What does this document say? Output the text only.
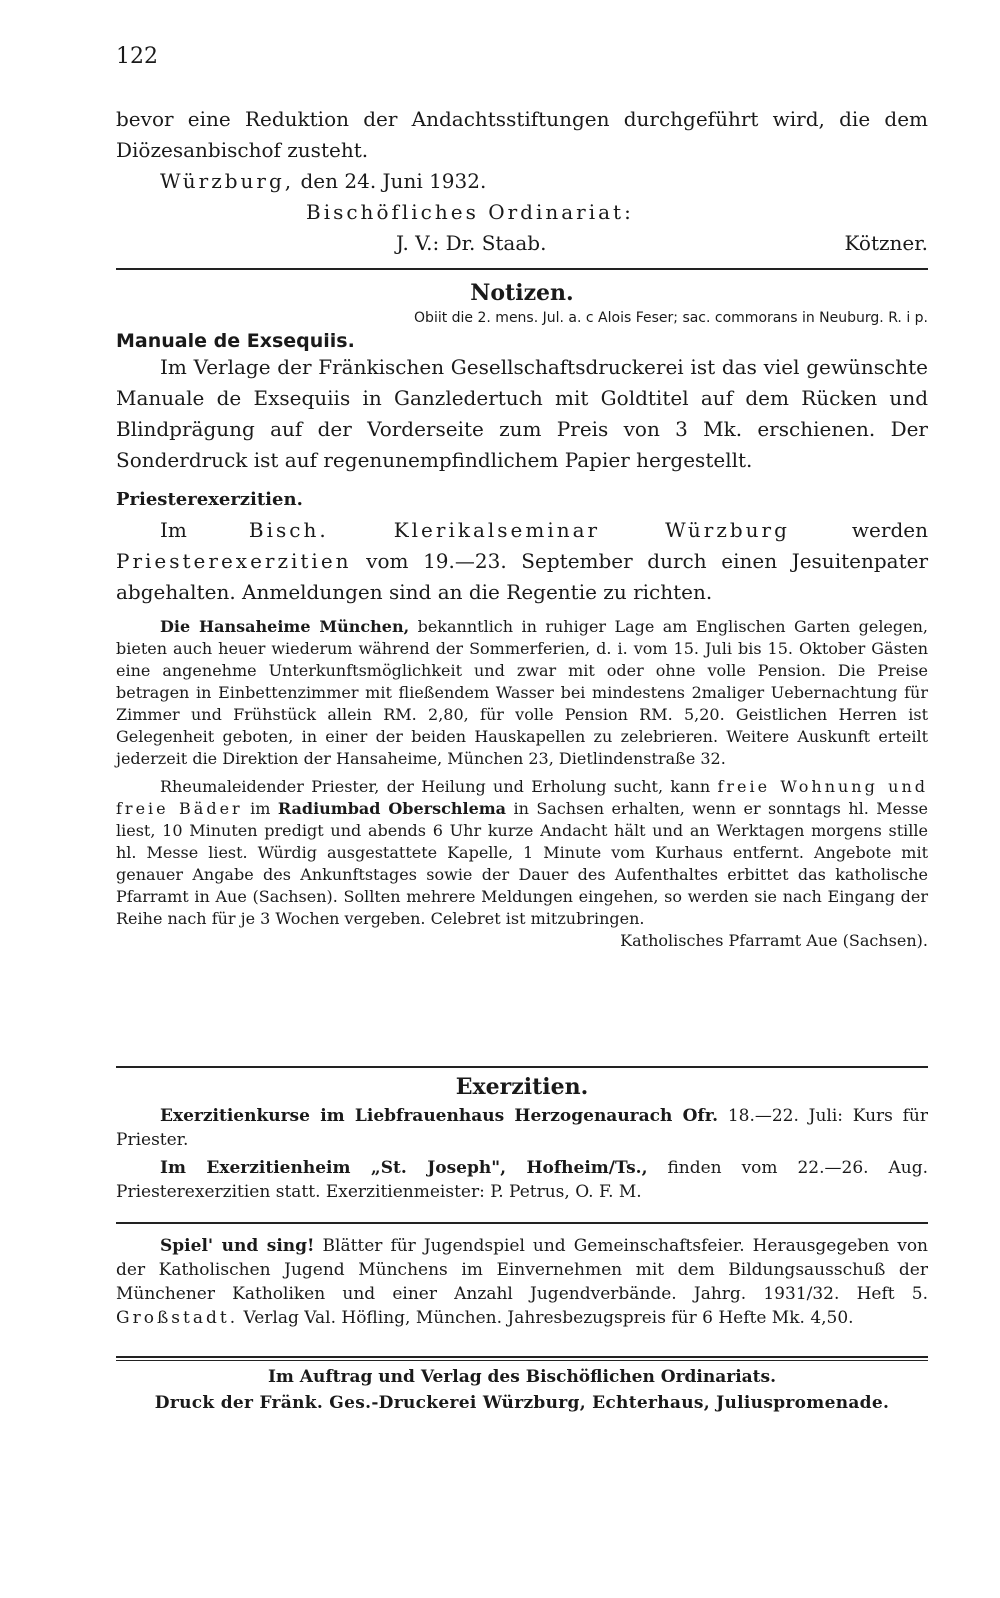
122

bevor eine Reduktion der Andachtsstiftungen durchgeführt wird, die dem Diözesanbischof zusteht.

Würzburg, den 24. Juni 1932.

Bischöfliches Ordinariat:

J. V.: Dr. Staab.	Kötzner.

Notizen.

Obiit die 2. mens. Jul. a. c Alois Feser; sac. commorans in Neuburg. R. i p.

Manuale de Exsequiis.

Im Verlage der Fränkischen Gesellschaftsdruckerei ist das viel gewünschte Manuale de Exsequiis in Ganzledertuch mit Goldtitel auf dem Rücken und Blindprägung auf der Vorderseite zum Preis von 3 Mk. erschienen. Der Sonderdruck ist auf regenunempfindlichem Papier hergestellt.

Priesterexerzitien.

Im Bisch. Klerikalseminar Würzburg werden Priesterexerzitien vom 19.—23. September durch einen Jesuitenpater abgehalten. Anmeldungen sind an die Regentie zu richten.

Die Hansaheime München, bekanntlich in ruhiger Lage am Englischen Garten gelegen, bieten auch heuer wiederum während der Sommerferien, d. i. vom 15. Juli bis 15. Oktober Gästen eine angenehme Unterkunftsmöglichkeit und zwar mit oder ohne volle Pension. Die Preise betragen in Einbettenzimmer mit fließendem Wasser bei mindestens 2maliger Uebernachtung für Zimmer und Frühstück allein RM. 2,80, für volle Pension RM. 5,20. Geistlichen Herren ist Gelegenheit geboten, in einer der beiden Hauskapellen zu zelebrieren. Weitere Auskunft erteilt jederzeit die Direktion der Hansaheime, München 23, Dietlindenstraße 32.

Rheumaleidender Priester, der Heilung und Erholung sucht, kann freie Wohnung und freie Bäder im Radiumbad Oberschlema in Sachsen erhalten, wenn er sonntags hl. Messe liest, 10 Minuten predigt und abends 6 Uhr kurze Andacht hält und an Werktagen morgens stille hl. Messe liest. Würdig ausgestattete Kapelle, 1 Minute vom Kurhaus entfernt. Angebote mit genauer Angabe des Ankunftstages sowie der Dauer des Aufenthaltes erbittet das katholische Pfarramt in Aue (Sachsen). Sollten mehrere Meldungen eingehen, so werden sie nach Eingang der Reihe nach für je 3 Wochen vergeben. Celebret ist mitzubringen.

Katholisches Pfarramt Aue (Sachsen).

Exerzitien.

Exerzitienkurse im Liebfrauenhaus Herzogenaurach Ofr. 18.—22. Juli: Kurs für Priester.

Im Exerzitienheim „St. Joseph", Hofheim/Ts., finden vom 22.—26. Aug. Priesterexerzitien statt. Exerzitienmeister: P. Petrus, O. F. M.

Spiel' und sing! Blätter für Jugendspiel und Gemeinschaftsfeier. Herausgegeben von der Katholischen Jugend Münchens im Einvernehmen mit dem Bildungsausschuß der Münchener Katholiken und einer Anzahl Jugendverbände. Jahrg. 1931/32. Heft 5. Großstadt. Verlag Val. Höfling, München. Jahresbezugspreis für 6 Hefte Mk. 4,50.

Im Auftrag und Verlag des Bischöflichen Ordinariats.

Druck der Fränk. Ges.-Druckerei Würzburg, Echterhaus, Juliuspromenade.
